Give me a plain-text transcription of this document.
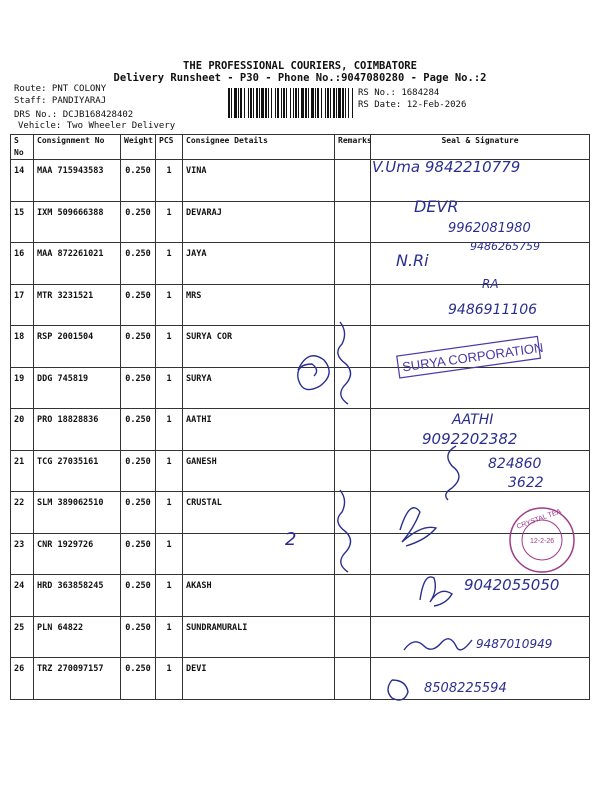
THE PROFESSIONAL COURIERS, COIMBATORE
Delivery Runsheet - P30 - Phone No.:9047080280 - Page No.:2
Route: PNT COLONY
Staff: PANDIYARAJ
DRS No.: DCJB168428402
Vehicle: Two Wheeler Delivery
RS No.: 1684284
RS Date: 12-Feb-2026
S No	Consignment No	Weight	PCS	Consignee Details	Remarks	Seal & Signature
14	MAA 715943583	0.250	1	VINA		
15	IXM 509666388	0.250	1	DEVARAJ		
16	MAA 872261021	0.250	1	JAYA		
17	MTR 3231521	0.250	1	MRS		
18	RSP 2001504	0.250	1	SURYA COR		
19	DDG 745819	0.250	1	SURYA		
20	PRO 18828836	0.250	1	AATHI		
21	TCG 27035161	0.250	1	GANESH		
22	SLM 389062510	0.250	1	CRUSTAL		
23	CNR 1929726	0.250	1			
24	HRD 363858245	0.250	1	AKASH		
25	PLN 64822	0.250	1	SUNDRAMURALI		
26	TRZ 270097157	0.250	1	DEVI		
V.Uma 9842210779
DEVR
9962081980
9486265759
N.Ri
RA
9486911106
AATHI
9092202382
824860
3622
9042055050
9487010949
8508225594
2
SURYA CORPORATION
CRYSTAL TEA
12-2-26
